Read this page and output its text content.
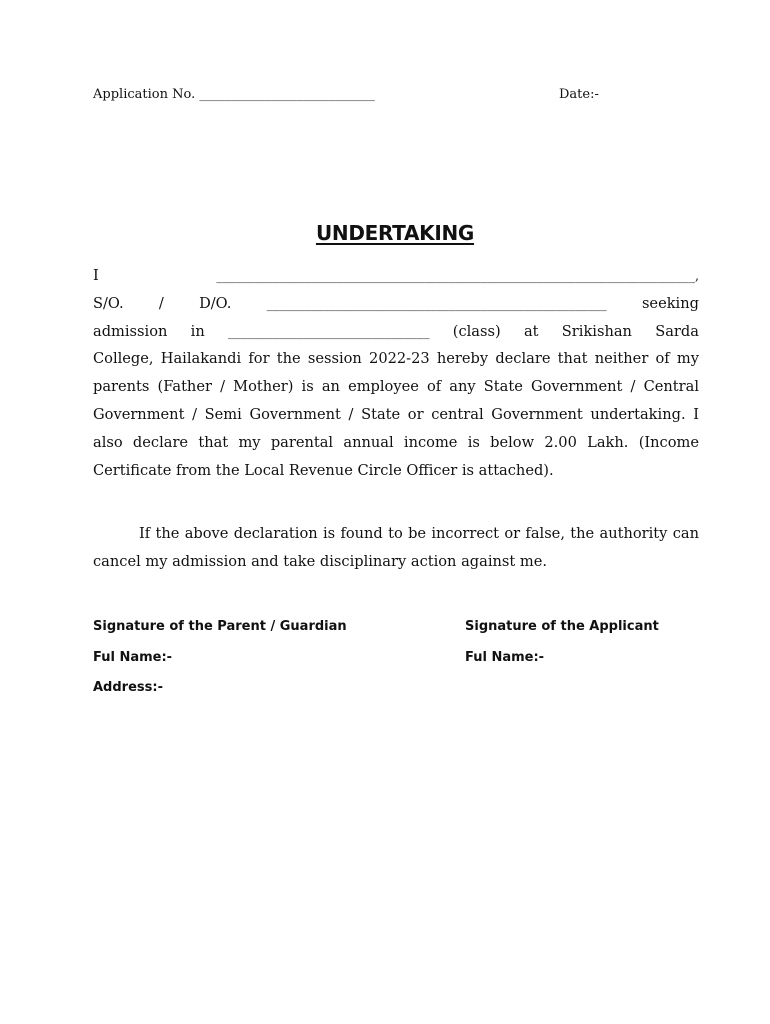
Application No. ___________________________	Date:-
UNDERTAKING
I	____________________________________________________________________________,
S/O. / D/O.	______________________________________________________ seeking
admission in ________________________________ (class) at Srikishan Sarda
College, Hailakandi for the session 2022-23 hereby declare that neither of my parents (Father / Mother) is an employee of any State Government / Central Government / Semi Government / State or central Government undertaking. I also declare that my parental annual income is below 2.00 Lakh. (Income Certificate from the Local Revenue Circle Officer is attached).
If the above declaration is found to be incorrect or false, the authority can cancel my admission and take disciplinary action against me.
Signature of the Parent / Guardian	Signature of the Applicant
Ful Name:-	Ful Name:-
Address:-
